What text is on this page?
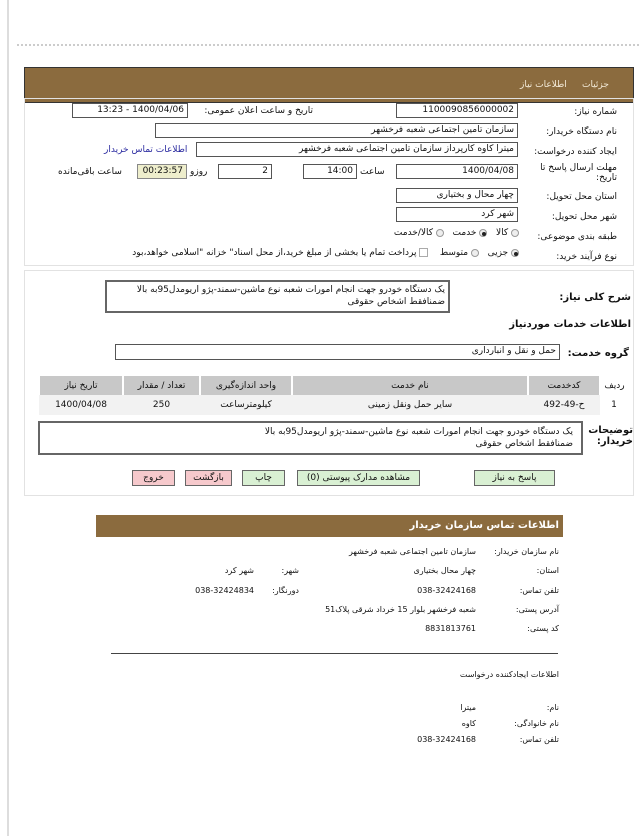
جزئیات
اطلاعات نیاز
شماره نیاز:
1100090856000002
تاریخ و ساعت اعلان عمومی:
1400/04/06 - 13:23
نام دستگاه خریدار:
سازمان تامین اجتماعی شعبه فرخشهر
ایجاد کننده درخواست:
میترا کاوه کارپرداز سازمان تامین اجتماعی شعبه فرخشهر
اطلاعات تماس خریدار
مهلت ارسال پاسخ تا تاریخ:
1400/04/08
ساعت
14:00
2
روزو
00:23:57
ساعت باقی‌مانده
استان محل تحویل:
چهار محال و بختیاری
شهر محل تحویل:
شهر کرد
طبقه بندی موضوعی:
کالا    خدمت    کالا/خدمت
نوع فرآیند خرید:
جزیی    متوسط     پرداخت تمام یا بخشی از مبلغ خرید،از محل اسناد" خزانه "اسلامی خواهد،بود
شرح کلی نیاز:
یک دستگاه خودرو جهت انجام امورات شعبه نوع ماشین-سمند-پژو اریومدل95به بالا
ضمنافقط اشخاص حقوقی
اطلاعات خدمات موردنیاز
گروه خدمت:
حمل و نقل و انبارداری
ردیف	کدخدمت	نام خدمت	واحد اندازه‌گیری	تعداد / مقدار	تاریخ نیاز
1	ح-49-492	سایر حمل ونقل زمینی	کیلومترساعت	250	1400/04/08
توضیحات خریدار:
یک دستگاه خودرو جهت انجام امورات شعبه نوع ماشین-سمند-پژو اریومدل95به بالا
ضمنافقط اشخاص حقوقی
پاسخ به نیاز
مشاهده مدارک پیوستی (0)
چاپ
بازگشت
خروج
اطلاعات تماس سازمان خریدار
نام سازمان خریدار:
سازمان تامین اجتماعی شعبه فرخشهر
استان:
چهار محال بختیاری
شهر:
شهر کرد
تلفن تماس:
038-32424168
دورنگار:
038-32424834
آدرس پستی:
شعبه فرخشهر بلوار 15 خرداد شرقی پلاک51
کد پستی:
8831813761
اطلاعات ایجادکننده درخواست
نام:
میترا
نام خانوادگی:
کاوه
تلفن تماس:
038-32424168
